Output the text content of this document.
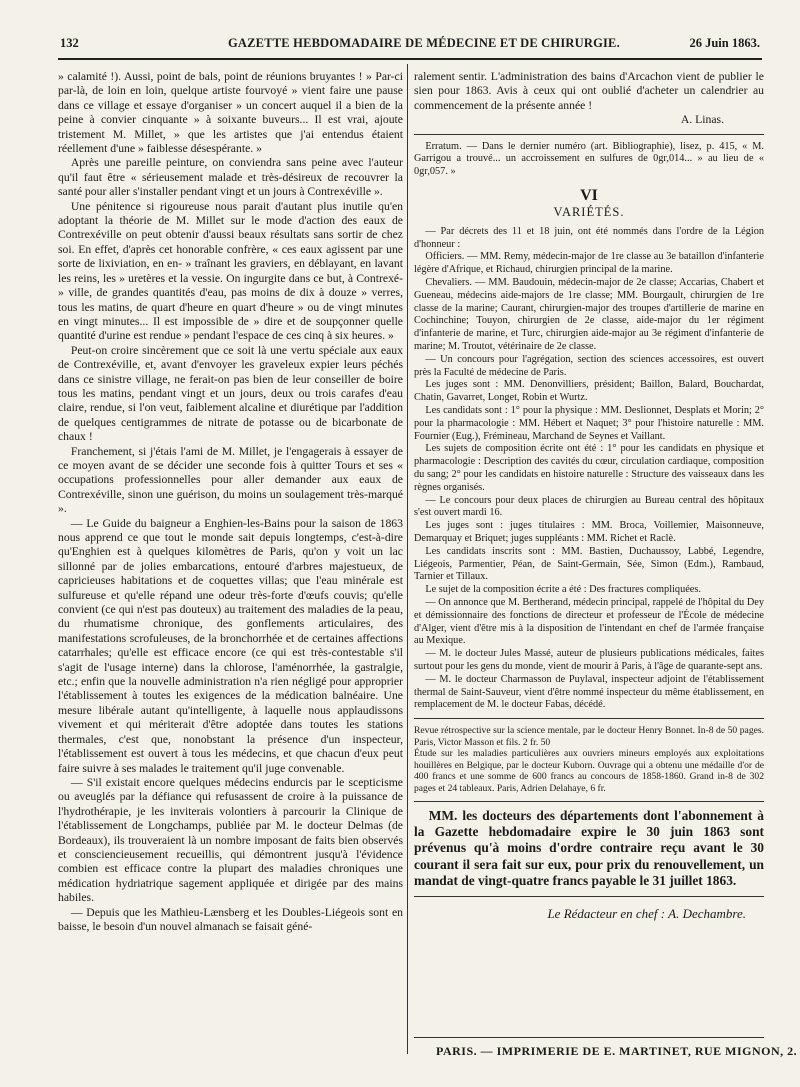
132	GAZETTE HEBDOMADAIRE DE MÉDECINE ET DE CHIRURGIE.	26 Juin 1863.

» calamité !). Aussi, point de bals, point de réunions bruyantes ! » Par-ci par-là, de loin en loin, quelque artiste fourvoyé » vient faire une pause dans ce village et essaye d'organiser » un concert auquel il a bien de la peine à convier cinquante » à soixante buveurs... Il est vrai, ajoute tristement M. Millet, » que les artistes que j'ai entendus étaient réellement d'une » faiblesse désespérante. »

Après une pareille peinture, on conviendra sans peine avec l'auteur qu'il faut être « sérieusement malade et très-désireux de recouvrer la santé pour aller s'installer pendant vingt et un jours à Contrexéville ».

Une pénitence si rigoureuse nous parait d'autant plus inutile qu'en adoptant la théorie de M. Millet sur le mode d'action des eaux de Contrexéville on peut obtenir d'aussi beaux résultats sans sortir de chez soi. En effet, d'après cet honorable confrère, « ces eaux agissent par une sorte de lixiviation, en en- » traînant les graviers, en déblayant, en lavant les reins, les » uretères et la vessie. On ingurgite dans ce but, à Contrexé- » ville, de grandes quantités d'eau, pas moins de dix à douze » verres, tous les matins, de quart d'heure en quart d'heure » ou de vingt minutes en vingt minutes... Il est impossible de » dire et de soupçonner quelle quantité d'urine est rendue » pendant l'espace de ces cinq à six heures. »

Peut-on croire sincèrement que ce soit là une vertu spéciale aux eaux de Contrexéville, et, avant d'envoyer les graveleux expier leurs péchés dans ce sinistre village, ne ferait-on pas bien de leur conseiller de boire tous les matins, pendant vingt et un jours, deux ou trois carafes d'eau claire, rendue, si l'on veut, faiblement alcaline et diurétique par l'addition de quelques centigrammes de nitrate de potasse ou de bicarbonate de chaux !

Franchement, si j'étais l'ami de M. Millet, je l'engagerais à essayer de ce moyen avant de se décider une seconde fois à quitter Tours et ses « occupations professionnelles pour aller demander aux eaux de Contrexéville, sinon une guérison, du moins un soulagement très-marqué ».

— Le Guide du baigneur a Enghien-les-Bains pour la saison de 1863 nous apprend ce que tout le monde sait depuis longtemps, c'est-à-dire qu'Enghien est à quelques kilomètres de Paris, qu'on y voit un lac sillonné par de jolies embarcations, entouré d'arbres majestueux, de capricieuses habitations et de coquettes villas; que l'eau minérale est sulfureuse et qu'elle répand une odeur très-forte d'œufs couvis; qu'elle convient (ce qui n'est pas douteux) au traitement des maladies de la peau, du rhumatisme chronique, des gonflements articulaires, des manifestations scrofuleuses, de la bronchorrhée et de certaines affections catarrhales; qu'elle est efficace encore (ce qui est très-contestable s'il s'agit de l'usage interne) dans la chlorose, l'aménorrhée, la gastralgie, etc.; enfin que la nouvelle administration n'a rien négligé pour approprier l'établissement à toutes les exigences de la médication balnéaire. Une mesure libérale autant qu'intelligente, à laquelle nous applaudissons vivement et qui mériterait d'être adoptée dans toutes les stations thermales, c'est que, nonobstant la présence d'un inspecteur, l'établissement est ouvert à tous les médecins, et que chacun d'eux peut faire suivre à ses malades le traitement qu'il juge convenable.

— S'il existait encore quelques médecins endurcis par le scepticisme ou aveuglés par la défiance qui refusassent de croire à la puissance de l'hydrothérapie, je les inviterais volontiers à parcourir la Clinique de l'établissement de Longchamps, publiée par M. le docteur Delmas (de Bordeaux), ils trouveraient là un nombre imposant de faits bien observés et consciencieusement recueillis, qui démontrent jusqu'à l'évidence combien est efficace contre la plupart des maladies chroniques une médication hydriatrique sagement appliquée et dirigée par des mains habiles.

— Depuis que les Mathieu-Lænsberg et les Doubles-Liégeois sont en baisse, le besoin d'un nouvel almanach se faisait géné-

ralement sentir. L'administration des bains d'Arcachon vient de publier le sien pour 1863. Avis à ceux qui ont oublié d'acheter un calendrier au commencement de la présente année !

A. Linas.

Erratum. — Dans le dernier numéro (art. Bibliographie), lisez, p. 415, « M. Garrigou a trouvé... un accroissement en sulfures de 0gr,014... » au lieu de « 0gr,057. »

VI
VARIÉTÉS.

— Par décrets des 11 et 18 juin, ont été nommés dans l'ordre de la Légion d'honneur :

Officiers. — MM. Remy, médecin-major de 1re classe au 3e bataillon d'infanterie légère d'Afrique, et Richaud, chirurgien principal de la marine.

Chevaliers. — MM. Baudouin, médecin-major de 2e classe; Accarias, Chabert et Gueneau, médecins aide-majors de 1re classe; MM. Bourgault, chirurgien de 1re classe de la marine; Caurant, chirurgien-major des troupes d'artillerie de marine en Cochinchine; Touyon, chirurgien de 2e classe, aide-major du 1er régiment d'infanterie de marine, et Turc, chirurgien aide-major au 3e régiment d'infanterie de marine; M. Troutot, vétérinaire de 2e classe.

— Un concours pour l'agrégation, section des sciences accessoires, est ouvert près la Faculté de médecine de Paris.

Les juges sont : MM. Denonvilliers, président; Baillon, Balard, Bouchardat, Chatin, Gavarret, Longet, Robin et Wurtz.

Les candidats sont : 1° pour la physique : MM. Deslionnet, Desplats et Morin; 2° pour la pharmacologie : MM. Hébert et Naquet; 3° pour l'histoire naturelle : MM. Fournier (Eug.), Frémineau, Marchand de Seynes et Vaillant.

Les sujets de composition écrite ont été : 1° pour les candidats en physique et pharmacologie : Description des cavités du cœur, circulation cardiaque, composition du sang; 2° pour les candidats en histoire naturelle : Structure des vaisseaux dans les règnes organisés.

— Le concours pour deux places de chirurgien au Bureau central des hôpitaux s'est ouvert mardi 16.

Les juges sont : juges titulaires : MM. Broca, Voillemier, Maisonneuve, Demarquay et Briquet; juges suppléants : MM. Richet et Raclè.

Les candidats inscrits sont : MM. Bastien, Duchaussoy, Labbé, Legendre, Liégeois, Parmentier, Péan, de Saint-Germain, Sée, Simon (Edm.), Rambaud, Tarnier et Tillaux.

Le sujet de la composition écrite a été : Des fractures compliquées.

— On annonce que M. Bertherand, médecin principal, rappelé de l'hôpital du Dey et démissionnaire des fonctions de directeur et professeur de l'École de médecine d'Alger, vient d'être mis à la disposition de l'intendant en chef de l'armée française au Mexique.

— M. le docteur Jules Massé, auteur de plusieurs publications médicales, faites surtout pour les gens du monde, vient de mourir à Paris, à l'âge de quarante-sept ans.

— M. le docteur Charmasson de Puylaval, inspecteur adjoint de l'établissement thermal de Saint-Sauveur, vient d'être nommé inspecteur du même établissement, en remplacement de M. le docteur Fabas, décédé.

Revue rétrospective sur la science mentale, par le docteur Henry Bonnet. In-8 de 50 pages. Paris, Victor Masson et fils. 2 fr. 50

Étude sur les maladies particulières aux ouvriers mineurs employés aux exploitations houillères en Belgique, par le docteur Kuborn. Ouvrage qui a obtenu une médaille d'or de 400 francs et une somme de 600 francs au concours de 1858-1860. Grand in-8 de 302 pages et 24 tableaux. Paris, Adrien Delahaye, 6 fr.

MM. les docteurs des départements dont l'abonnement à la Gazette hebdomadaire expire le 30 juin 1863 sont prévenus qu'à moins d'ordre contraire reçu avant le 30 courant il sera fait sur eux, pour prix du renouvellement, un mandat de vingt-quatre francs payable le 31 juillet 1863.

Le Rédacteur en chef : A. Dechambre.
PARIS. — IMPRIMERIE DE E. MARTINET, RUE MIGNON, 2.
